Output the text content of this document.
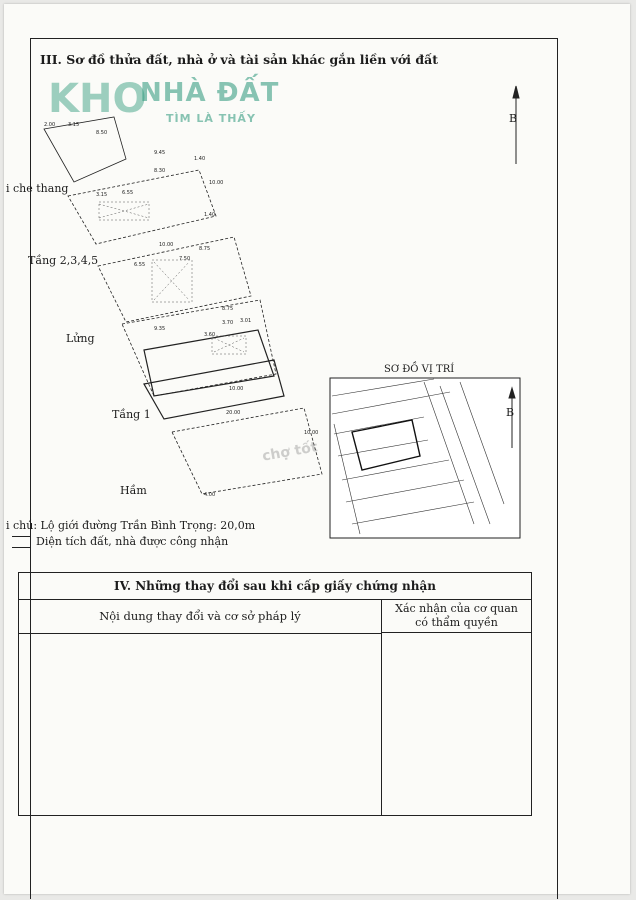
III. Sơ đồ thửa đất, nhà ở và tài sản khác gắn liền với đất
KHO
NHÀ ĐẤT
TÌM LÀ THẤY
2.00	3.15
8.50
9.45
8.30
1.40
10.00
3.15	6.55
1.40
10.00
7.50
8.75
6.55
9.35
3.60
3.70 3.01
8.75
10.00
20.00
4.00
10.00
i che thang
Tầng 2,3,4,5
Lửng
Tầng 1
Hầm
B
SƠ ĐỒ VỊ TRÍ
B
i chú: Lộ giới đường Trần Bình Trọng: 20,0m
Diện tích đất, nhà được công nhận
IV. Những thay đổi sau khi cấp giấy chứng nhận
Nội dung thay đổi và cơ sở pháp lý
Xác nhận của cơ quan
có thẩm quyền
chợ tốt
